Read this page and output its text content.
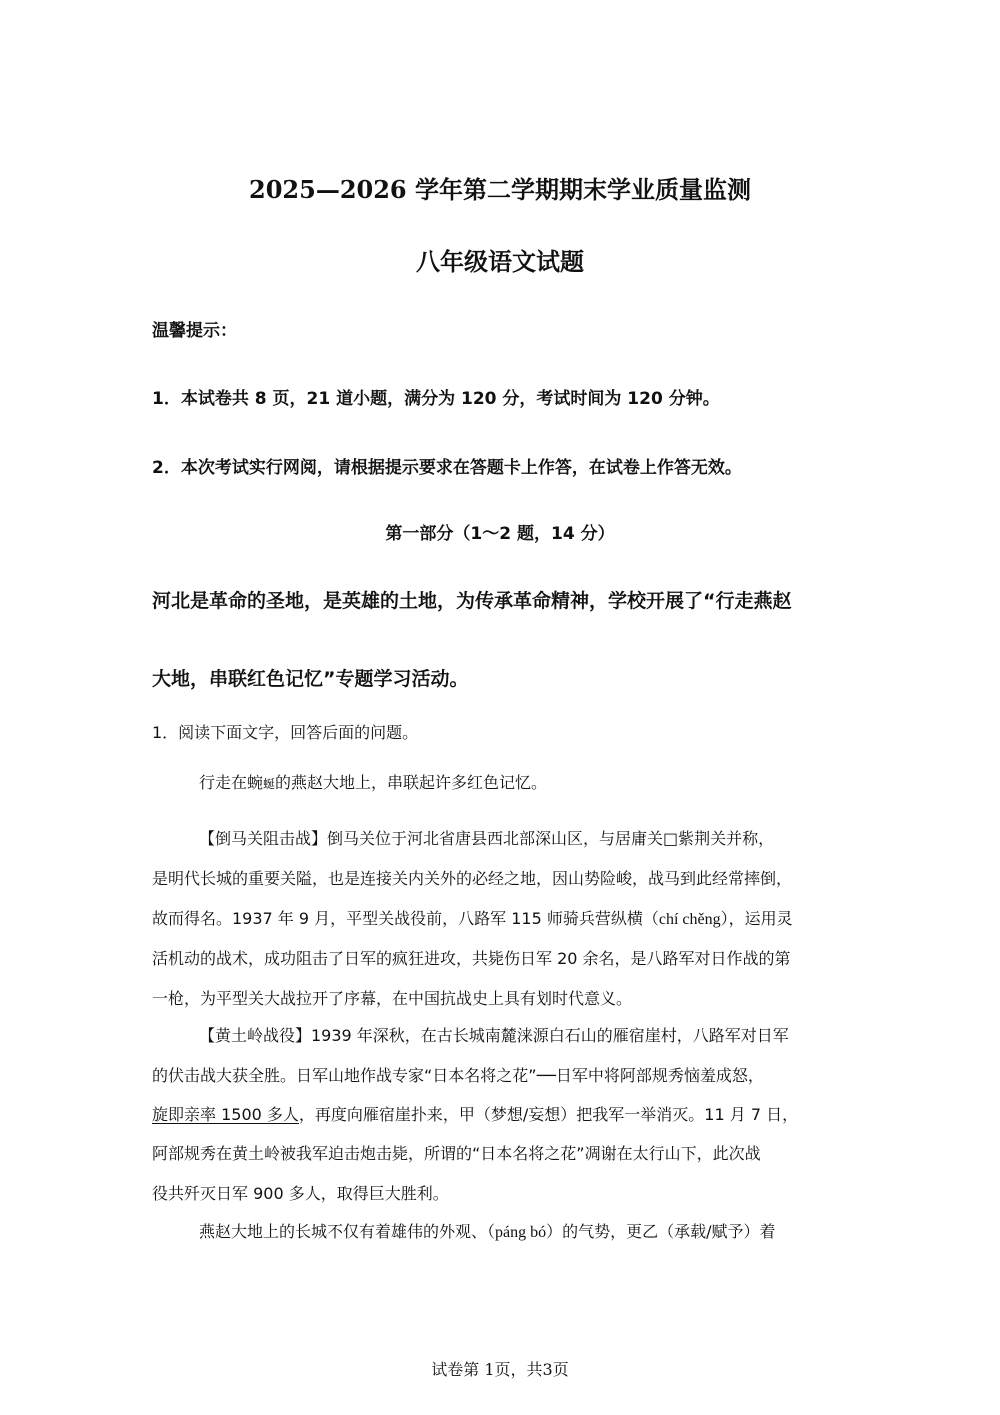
2025—2026 学年第二学期期末学业质量监测
八年级语文试题
温馨提示：
1．本试卷共 8 页，21 道小题，满分为 120 分，考试时间为 120 分钟。
2．本次考试实行网阅，请根据提示要求在答题卡上作答，在试卷上作答无效。
第一部分（1～2 题，14 分）
河北是革命的圣地，是英雄的土地，为传承革命精神，学校开展了“行走燕赵
大地，串联红色记忆”专题学习活动。
1．阅读下面文字，回答后面的问题。
行走在蜿蜒的燕赵大地上，串联起许多红色记忆。
【倒马关阻击战】倒马关位于河北省唐县西北部深山区，与居庸关□紫荆关并称，
是明代长城的重要关隘，也是连接关内关外的必经之地，因山势险峻，战马到此经常摔倒，
故而得名。1937 年 9 月，平型关战役前，八路军 115 师骑兵营纵横（chí chěng），运用灵
活机动的战术，成功阻击了日军的疯狂进攻，共毙伤日军 20 余名，是八路军对日作战的第
一枪，为平型关大战拉开了序幕，在中国抗战史上具有划时代意义。
【黄土岭战役】1939 年深秋，在古长城南麓涞源白石山的雁宿崖村，八路军对日军
的伏击战大获全胜。日军山地作战专家“日本名将之花”──日军中将阿部规秀恼羞成怒，
旋即亲率 1500 多人，再度向雁宿崖扑来，甲（梦想/妄想）把我军一举消灭。11 月 7 日，
阿部规秀在黄土岭被我军迫击炮击毙，所谓的“日本名将之花”凋谢在太行山下，此次战
役共歼灭日军 900 多人，取得巨大胜利。
燕赵大地上的长城不仅有着雄伟的外观、（páng bó）的气势，更乙（承载/赋予）着
试卷第 1页，共3页
